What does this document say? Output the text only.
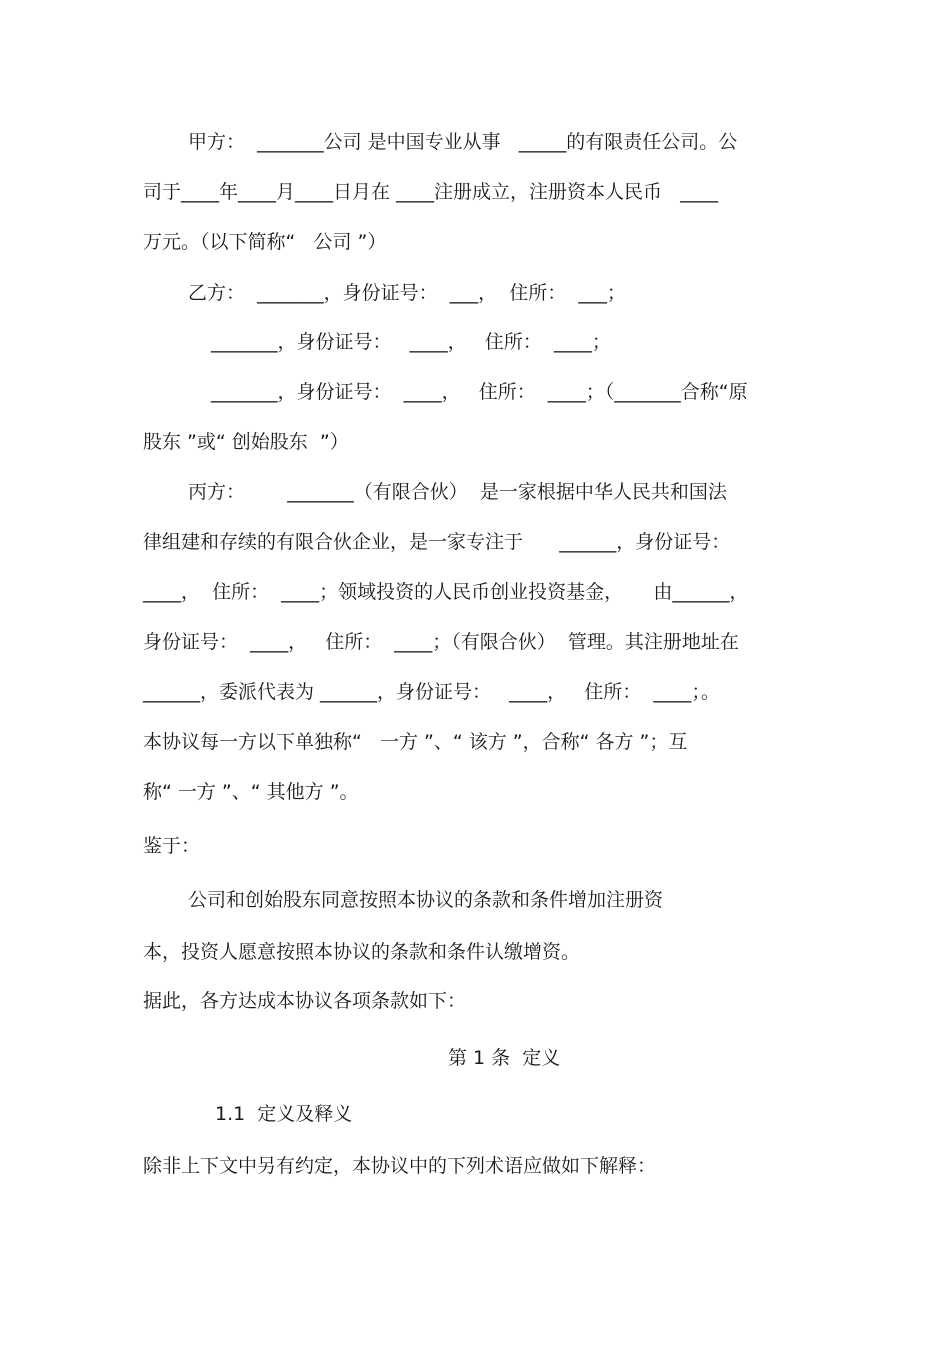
甲方：  _______公司 是中国专业从事   _____的有限责任公司。公

司于____年____月____日月在 ____注册成立，注册资本人民币   ____

万元。（以下简称“   公司 ”）

乙方：  _______，身份证号：  ___，  住所：  ___；

_______，身份证号：   ____，   住所：  ____；

_______，身份证号：  ____，   住所：  ____；（_______合称“原

股东 ”或“ 创始股东  ”）

丙方：       _______（有限合伙）  是一家根据中华人民共和国法

律组建和存续的有限合伙企业，是一家专注于      ______，身份证号：

____，  住所：  ____；领域投资的人民币创业投资基金，     由______，

身份证号：  ____，   住所：  ____；（有限合伙）  管理。其注册地址在

______，委派代表为 ______，身份证号：   ____，   住所：  ____；。

本协议每一方以下单独称“   一方 ”、“ 该方 ”，合称“ 各方 ”；互

称“ 一方 ”、“ 其他方 ”。

鉴于：

公司和创始股东同意按照本协议的条款和条件增加注册资

本，投资人愿意按照本协议的条款和条件认缴增资。

据此，各方达成本协议各项条款如下：

第 1 条  定义

1.1  定义及释义

除非上下文中另有约定，本协议中的下列术语应做如下解释：
